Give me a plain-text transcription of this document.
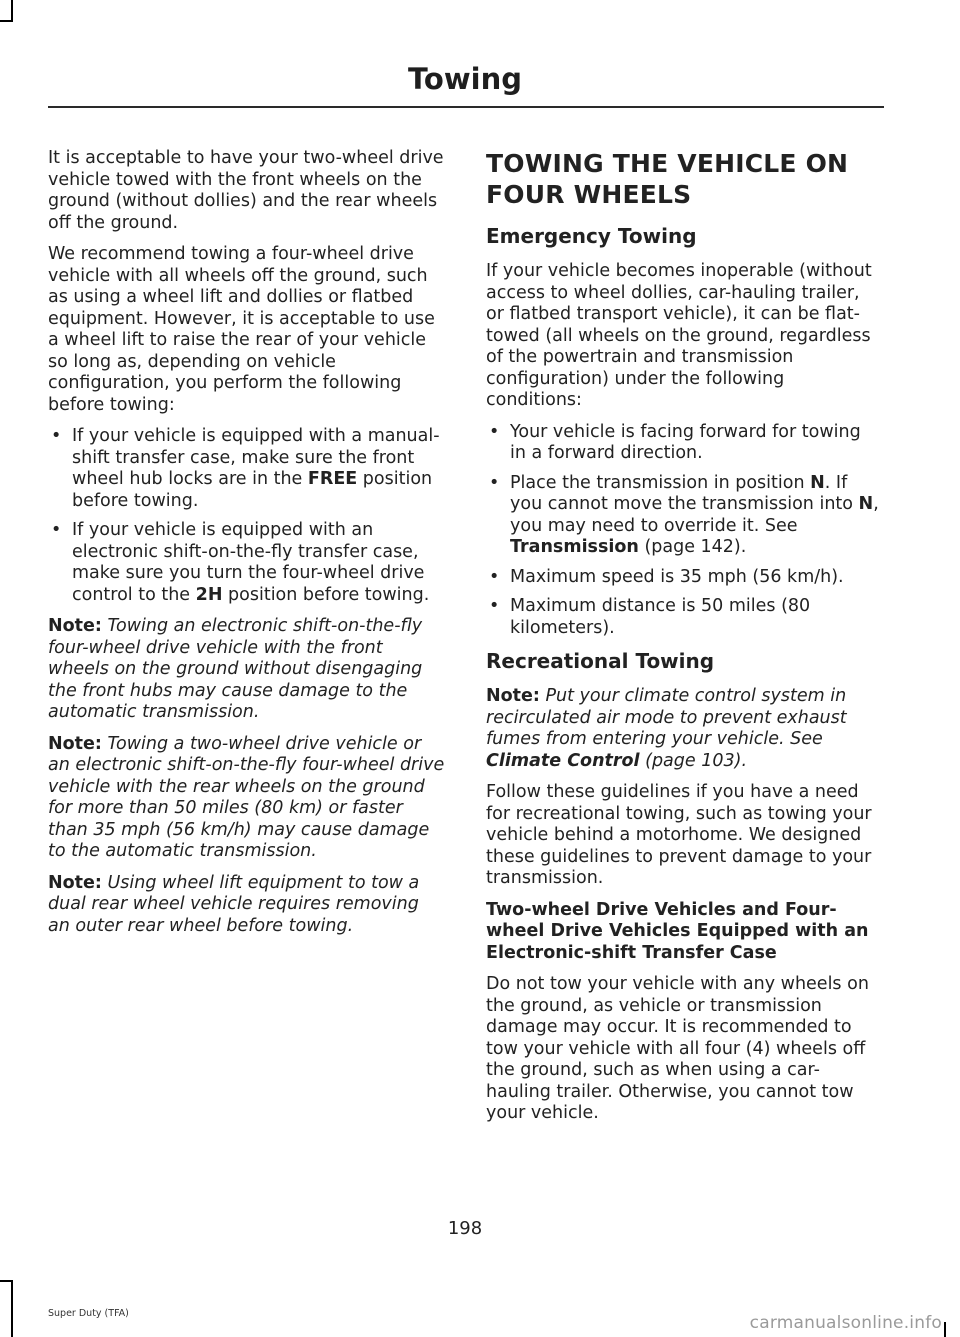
Towing

It is acceptable to have your two-wheel drive vehicle towed with the front wheels on the ground (without dollies) and the rear wheels off the ground.

We recommend towing a four-wheel drive vehicle with all wheels off the ground, such as using a wheel lift and dollies or flatbed equipment. However, it is acceptable to use a wheel lift to raise the rear of your vehicle so long as, depending on vehicle configuration, you perform the following before towing:

• If your vehicle is equipped with a manual-shift transfer case, make sure the front wheel hub locks are in the FREE position before towing.
• If your vehicle is equipped with an electronic shift-on-the-fly transfer case, make sure you turn the four-wheel drive control to the 2H position before towing.

Note: Towing an electronic shift-on-the-fly four-wheel drive vehicle with the front wheels on the ground without disengaging the front hubs may cause damage to the automatic transmission.

Note: Towing a two-wheel drive vehicle or an electronic shift-on-the-fly four-wheel drive vehicle with the rear wheels on the ground for more than 50 miles (80 km) or faster than 35 mph (56 km/h) may cause damage to the automatic transmission.

Note: Using wheel lift equipment to tow a dual rear wheel vehicle requires removing an outer rear wheel before towing.

TOWING THE VEHICLE ON
FOUR WHEELS
Emergency Towing

If your vehicle becomes inoperable (without access to wheel dollies, car-hauling trailer, or flatbed transport vehicle), it can be flat-towed (all wheels on the ground, regardless of the powertrain and transmission configuration) under the following conditions:

• Your vehicle is facing forward for towing in a forward direction.
• Place the transmission in position N. If you cannot move the transmission into N, you may need to override it. See Transmission (page 142).
• Maximum speed is 35 mph (56 km/h).
• Maximum distance is 50 miles (80 kilometers).
Recreational Towing

Note: Put your climate control system in recirculated air mode to prevent exhaust fumes from entering your vehicle. See Climate Control (page 103).

Follow these guidelines if you have a need for recreational towing, such as towing your vehicle behind a motorhome. We designed these guidelines to prevent damage to your transmission.

Two-wheel Drive Vehicles and Four-wheel Drive Vehicles Equipped with an Electronic-shift Transfer Case

Do not tow your vehicle with any wheels on the ground, as vehicle or transmission damage may occur. It is recommended to tow your vehicle with all four (4) wheels off the ground, such as when using a car-hauling trailer. Otherwise, you cannot tow your vehicle.

198
Super Duty (TFA)	carmanualsonline.info
